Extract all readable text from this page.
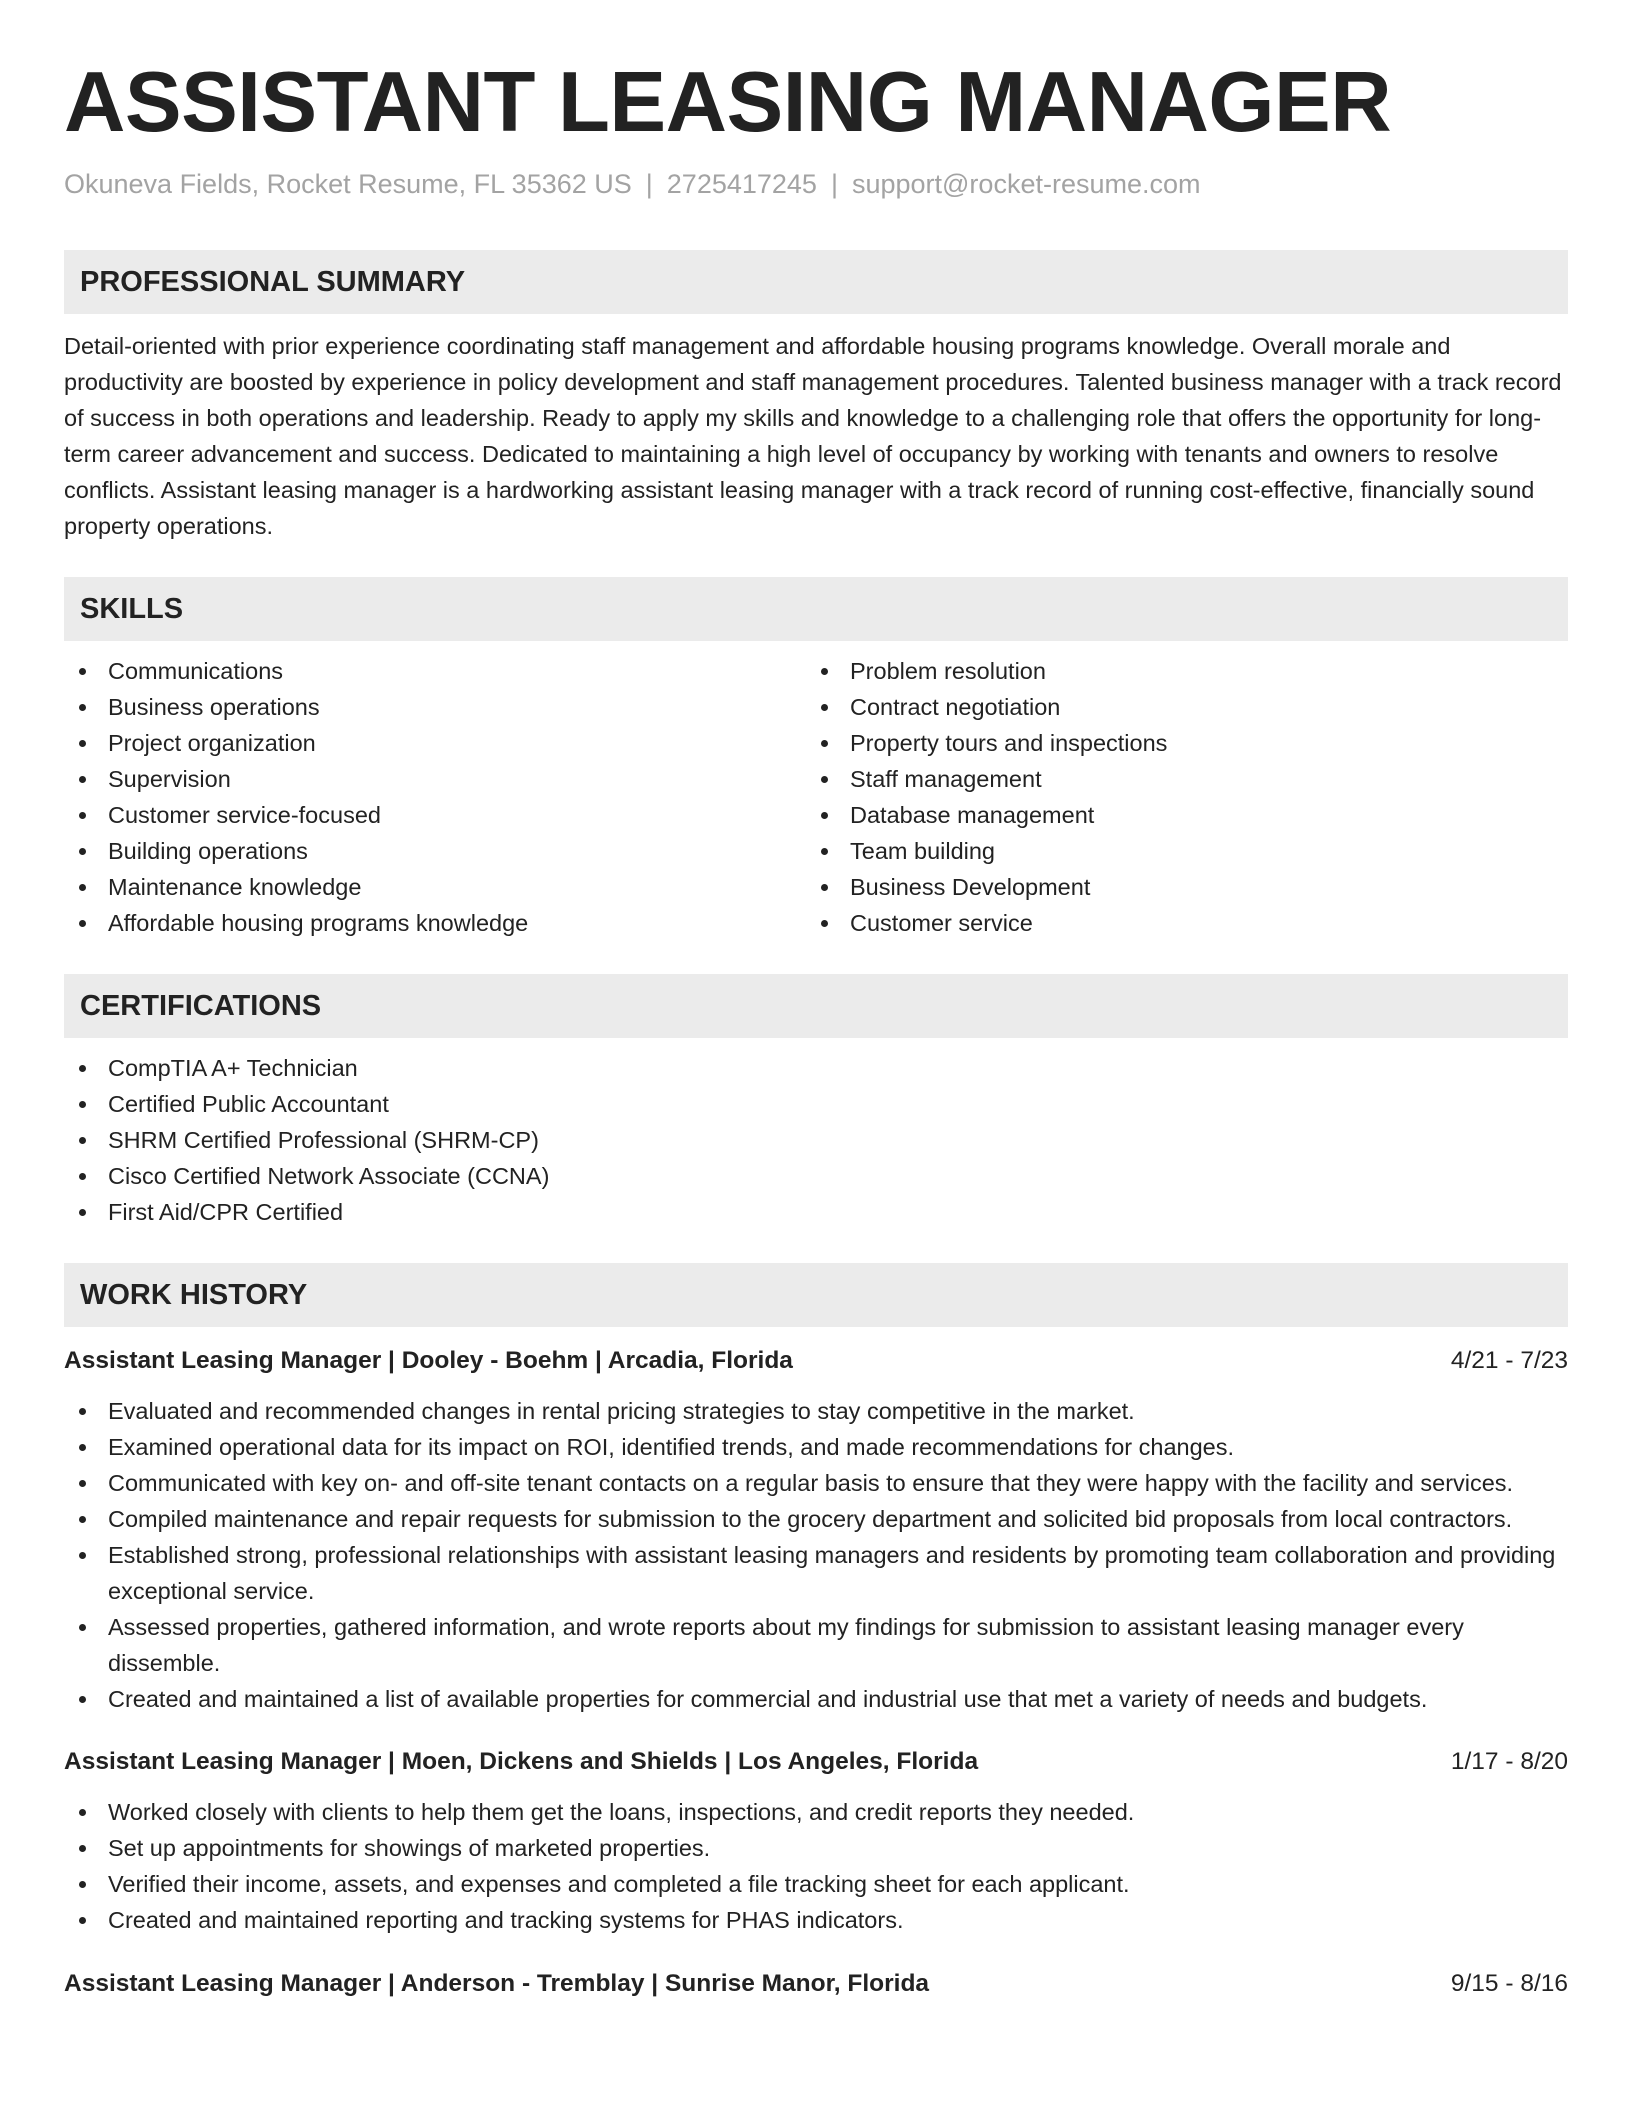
ASSISTANT LEASING MANAGER
Okuneva Fields, Rocket Resume, FL 35362 US | 2725417245 | support@rocket-resume.com
PROFESSIONAL SUMMARY
Detail-oriented with prior experience coordinating staff management and affordable housing programs knowledge. Overall morale and productivity are boosted by experience in policy development and staff management procedures. Talented business manager with a track record of success in both operations and leadership. Ready to apply my skills and knowledge to a challenging role that offers the opportunity for long-term career advancement and success. Dedicated to maintaining a high level of occupancy by working with tenants and owners to resolve conflicts. Assistant leasing manager is a hardworking assistant leasing manager with a track record of running cost-effective, financially sound property operations.
SKILLS
Communications
Business operations
Project organization
Supervision
Customer service-focused
Building operations
Maintenance knowledge
Affordable housing programs knowledge
Problem resolution
Contract negotiation
Property tours and inspections
Staff management
Database management
Team building
Business Development
Customer service
CERTIFICATIONS
CompTIA A+ Technician
Certified Public Accountant
SHRM Certified Professional (SHRM-CP)
Cisco Certified Network Associate (CCNA)
First Aid/CPR Certified
WORK HISTORY
Assistant Leasing Manager | Dooley - Boehm | Arcadia, Florida	4/21 - 7/23
Evaluated and recommended changes in rental pricing strategies to stay competitive in the market.
Examined operational data for its impact on ROI, identified trends, and made recommendations for changes.
Communicated with key on- and off-site tenant contacts on a regular basis to ensure that they were happy with the facility and services.
Compiled maintenance and repair requests for submission to the grocery department and solicited bid proposals from local contractors.
Established strong, professional relationships with assistant leasing managers and residents by promoting team collaboration and providing exceptional service.
Assessed properties, gathered information, and wrote reports about my findings for submission to assistant leasing manager every dissemble.
Created and maintained a list of available properties for commercial and industrial use that met a variety of needs and budgets.
Assistant Leasing Manager | Moen, Dickens and Shields | Los Angeles, Florida	1/17 - 8/20
Worked closely with clients to help them get the loans, inspections, and credit reports they needed.
Set up appointments for showings of marketed properties.
Verified their income, assets, and expenses and completed a file tracking sheet for each applicant.
Created and maintained reporting and tracking systems for PHAS indicators.
Assistant Leasing Manager | Anderson - Tremblay | Sunrise Manor, Florida	9/15 - 8/16
